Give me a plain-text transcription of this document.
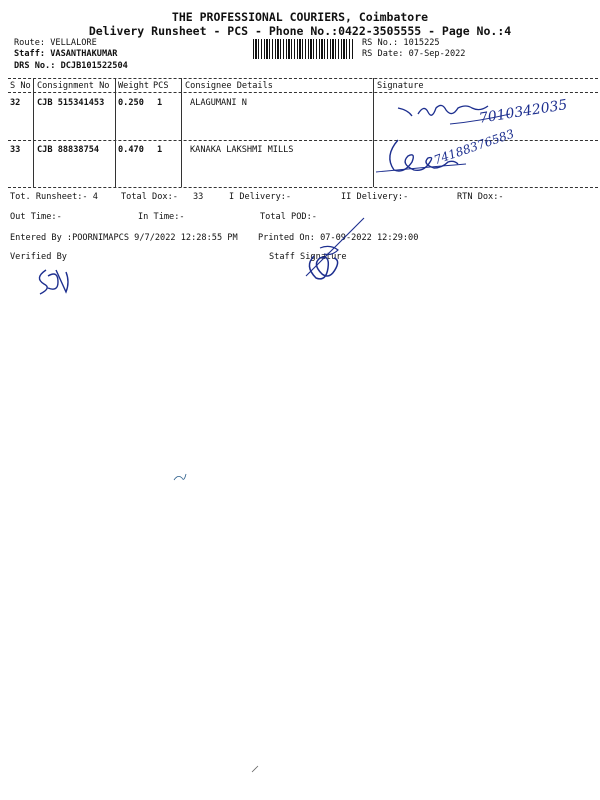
THE PROFESSIONAL COURIERS, Coimbatore
Delivery Runsheet - PCS - Phone No.:0422-3505555 - Page No.:4
Route: VELLALORE
Staff: VASANTHAKUMAR
DRS No.: DCJB101522504
RS No.: 1015225
RS Date: 07-Sep-2022
S No Consignment No Weight PCS Consignee Details	Signature
32 CJB 515341453 0.250 1	ALAGUMANI N
33 CJB 88838754 0.470 1	KANAKA LAKSHMI MILLS
7010342035
74188376583
Tot. Runsheet:- 4	Total Dox:- 33	I Delivery:-	II Delivery:-	RTN Dox:-
Out Time:-	In Time:-	Total POD:-
Entered By :POORNIMAPCS 9/7/2022 12:28:55 PM Printed On: 07-09-2022 12:29:00
Verified By	Staff Signature
